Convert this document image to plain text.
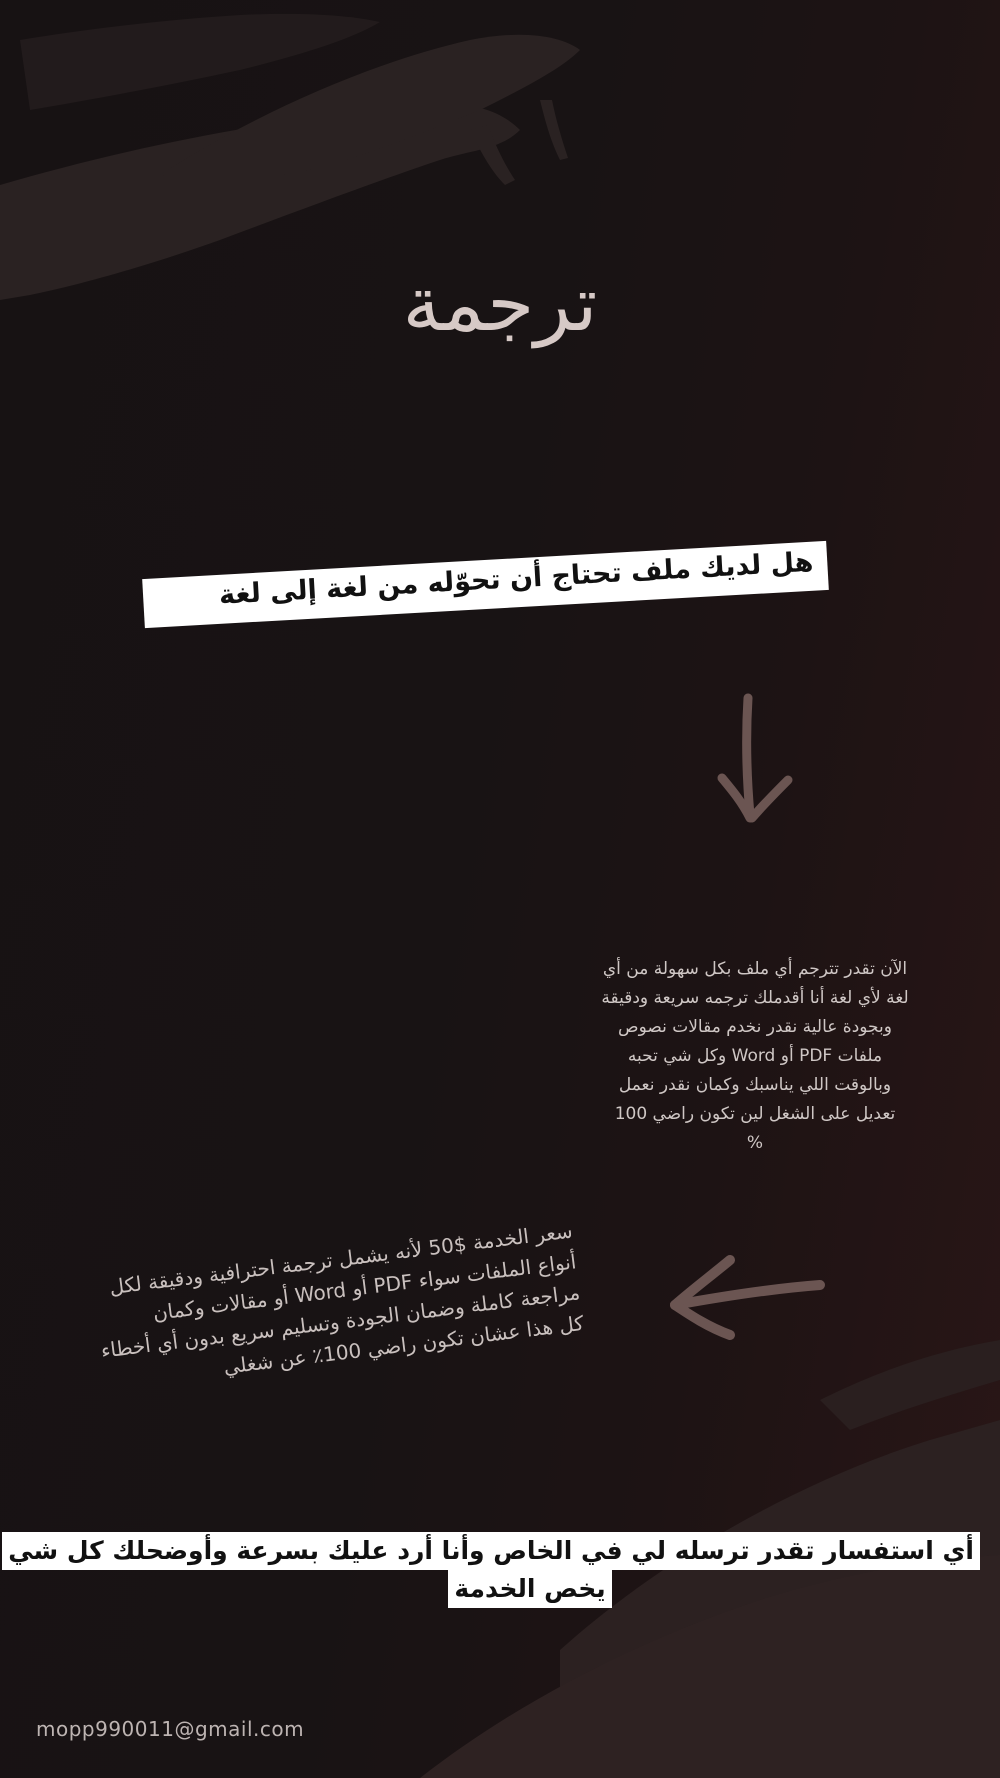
ترجمة
هل لديك ملف تحتاج أن تحوّله من لغة إلى لغة
الآن تقدر تترجم أي ملف بكل سهولة من أي
لغة لأي لغة أنا أقدملك ترجمه سريعة ودقيقة
وبجودة عالية نقدر نخدم مقالات نصوص
ملفات PDF أو Word وكل شي تحبه
وبالوقت اللي يناسبك وكمان نقدر نعمل
تعديل على الشغل لين تكون راضي 100
%
سعر الخدمة $50 لأنه يشمل ترجمة احترافية ودقيقة لكل
أنواع الملفات سواء PDF أو Word أو مقالات وكمان
مراجعة كاملة وضمان الجودة وتسليم سريع بدون أي أخطاء
كل هذا عشان تكون راضي 100٪ عن شغلي
أي استفسار تقدر ترسله لي في الخاص وأنا أرد عليك بسرعة وأوضحلك كل شي
يخص الخدمة
mopp990011@gmail.com
